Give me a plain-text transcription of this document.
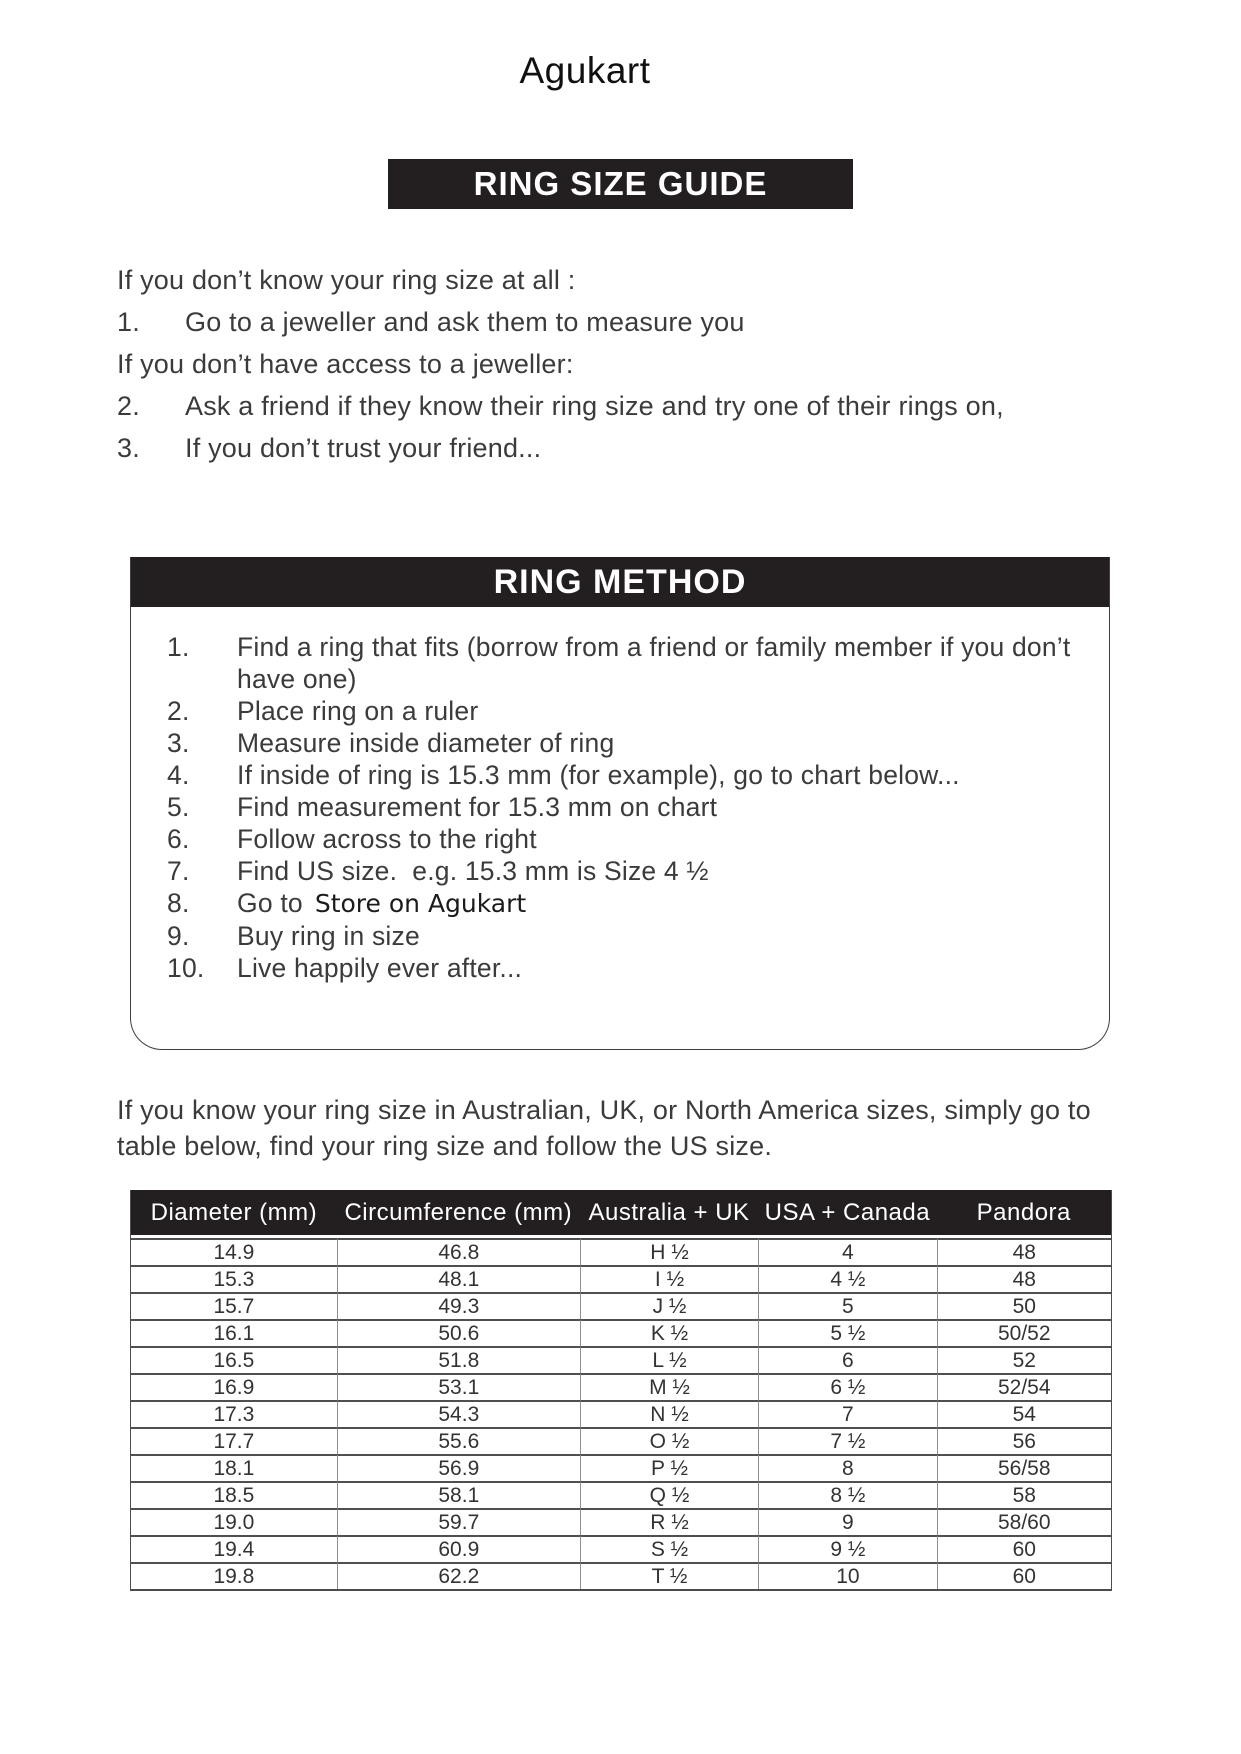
Agukart
RING SIZE GUIDE
If you don’t know your ring size at all :
1.	Go to a jeweller and ask them to measure you
If you don’t have access to a jeweller:
2.	Ask a friend if they know their ring size and try one of their rings on,
3.	If you don’t trust your friend...
RING METHOD
1.	Find a ring that fits (borrow from a friend or family member if you don’t have one)
2.	Place ring on a ruler
3.	Measure inside diameter of ring
4.	If inside of ring is 15.3 mm (for example), go to chart below...
5.	Find measurement for 15.3 mm on chart
6.	Follow across to the right
7.	Find US size.  e.g. 15.3 mm is Size 4 ½
8.	Go to Store on Agukart
9.	Buy ring in size
10.	Live happily ever after...
If you know your ring size in Australian, UK, or North America sizes, simply go to table below, find your ring size and follow the US size.
Diameter (mm)	Circumference (mm)	Australia + UK	USA + Canada	Pandora
14.9	46.8	H ½	4	48
15.3	48.1	I ½	4 ½	48
15.7	49.3	J ½	5	50
16.1	50.6	K ½	5 ½	50/52
16.5	51.8	L ½	6	52
16.9	53.1	M ½	6 ½	52/54
17.3	54.3	N ½	7	54
17.7	55.6	O ½	7 ½	56
18.1	56.9	P ½	8	56/58
18.5	58.1	Q ½	8 ½	58
19.0	59.7	R ½	9	58/60
19.4	60.9	S ½	9 ½	60
19.8	62.2	T ½	10	60
